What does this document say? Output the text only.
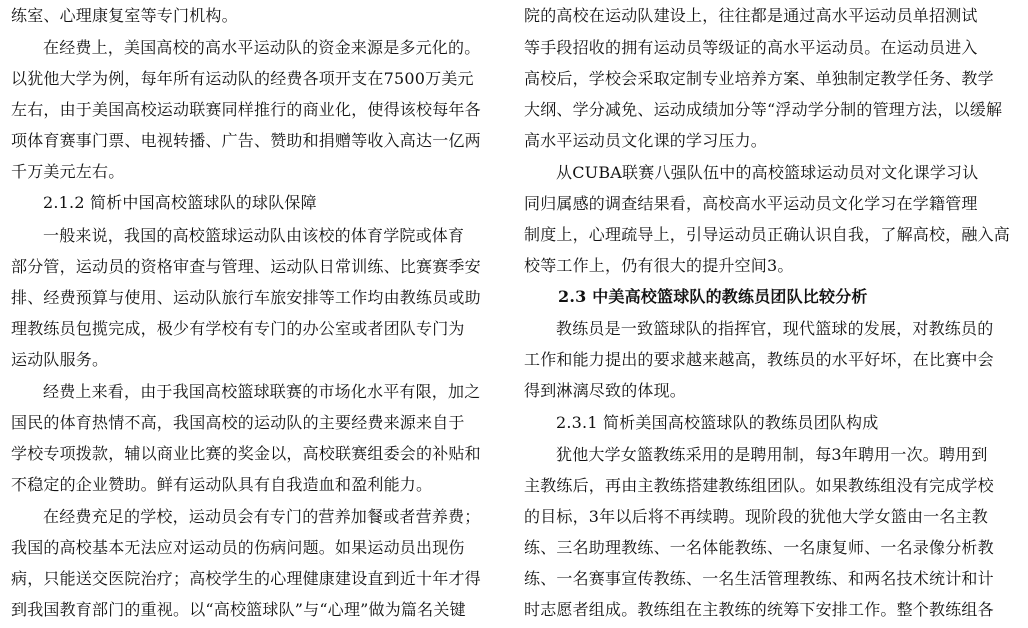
练室、心理康复室等专门机构。
在经费上，美国高校的高水平运动队的资金来源是多元化的。
以犹他大学为例，每年所有运动队的经费各项开支在7500万美元
左右，由于美国高校运动联赛同样推行的商业化，使得该校每年各
项体育赛事门票、电视转播、广告、赞助和捐赠等收入高达一亿两
千万美元左右。
2.1.2 简析中国高校篮球队的球队保障
一般来说，我国的高校篮球运动队由该校的体育学院或体育
部分管，运动员的资格审查与管理、运动队日常训练、比赛赛季安
排、经费预算与使用、运动队旅行车旅安排等工作均由教练员或助
理教练员包揽完成，极少有学校有专门的办公室或者团队专门为
运动队服务。
经费上来看，由于我国高校篮球联赛的市场化水平有限，加之
国民的体育热情不高，我国高校的运动队的主要经费来源来自于
学校专项拨款，辅以商业比赛的奖金以，高校联赛组委会的补贴和
不稳定的企业赞助。鲜有运动队具有自我造血和盈利能力。
在经费充足的学校，运动员会有专门的营养加餐或者营养费；
我国的高校基本无法应对运动员的伤病问题。如果运动员出现伤
病，只能送交医院治疗；高校学生的心理健康建设直到近十年才得
到我国教育部门的重视。以“高校篮球队”与“心理”做为篇名关键
院的高校在运动队建设上，往往都是通过高水平运动员单招测试
等手段招收的拥有运动员等级证的高水平运动员。在运动员进入
高校后，学校会采取定制专业培养方案、单独制定教学任务、教学
大纲、学分减免、运动成绩加分等“浮动学分制的管理方法，以缓解
高水平运动员文化课的学习压力。
从CUBA联赛八强队伍中的高校篮球运动员对文化课学习认
同归属感的调查结果看，高校高水平运动员文化学习在学籍管理
制度上，心理疏导上，引导运动员正确认识自我，了解高校，融入高
校等工作上，仍有很大的提升空间3。
2.3 中美高校篮球队的教练员团队比较分析
教练员是一致篮球队的指挥官，现代篮球的发展，对教练员的
工作和能力提出的要求越来越高，教练员的水平好坏，在比赛中会
得到淋漓尽致的体现。
2.3.1 简析美国高校篮球队的教练员团队构成
犹他大学女篮教练采用的是聘用制，每3年聘用一次。聘用到
主教练后，再由主教练搭建教练组团队。如果教练组没有完成学校
的目标，3年以后将不再续聘。现阶段的犹他大学女篮由一名主教
练、三名助理教练、一名体能教练、一名康复师、一名录像分析教
练、一名赛事宣传教练、一名生活管理教练、和两名技术统计和计
时志愿者组成。教练组在主教练的统筹下安排工作。整个教练组各
